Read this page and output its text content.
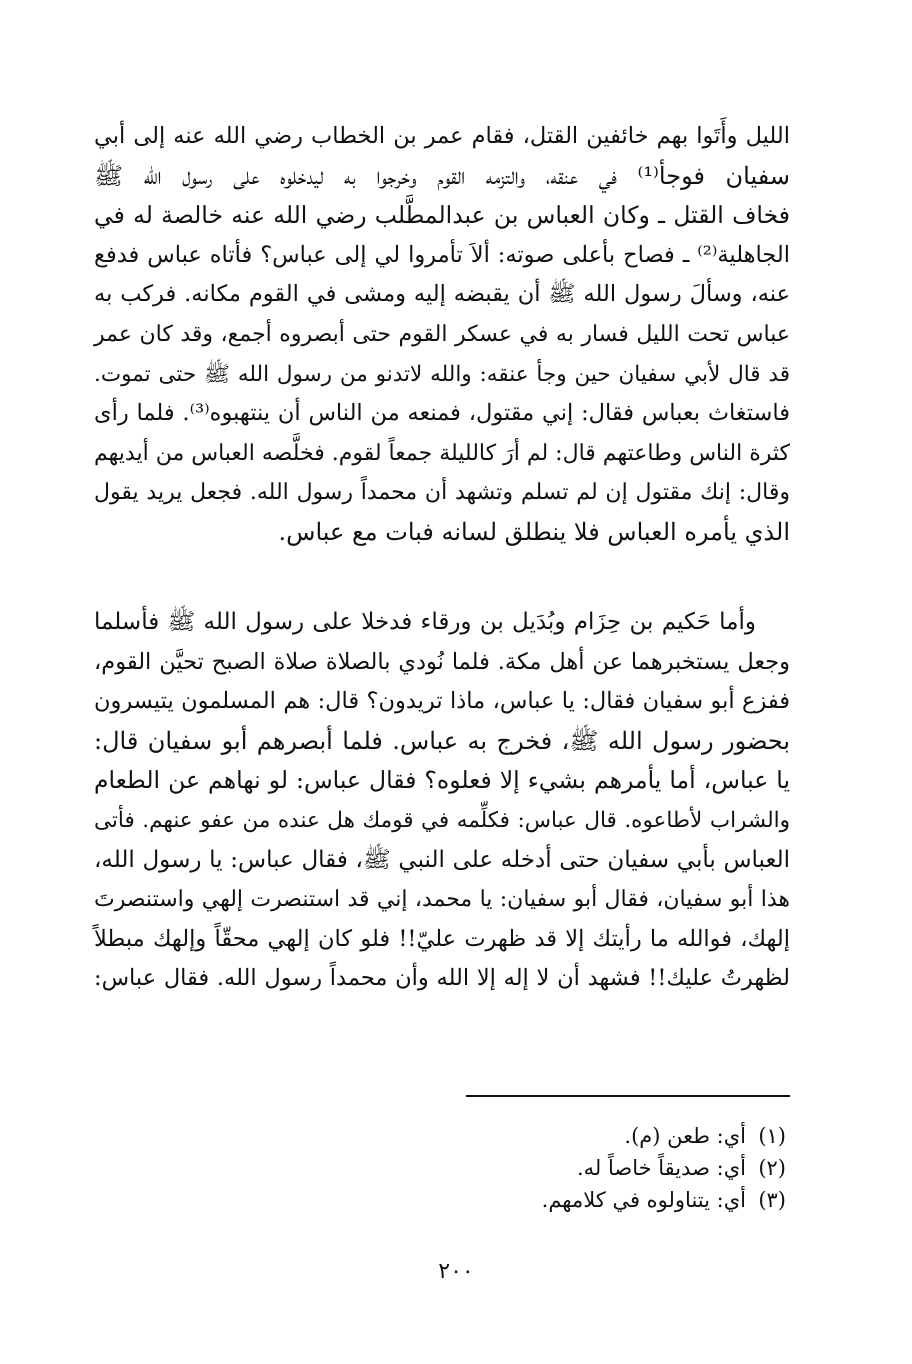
الليل وأَتَوا بهم خائفين القتل، فقام عمر بن الخطاب رضي الله عنه إلى أبي
سفيان فوجأ⁽¹⁾ في عنقه، والتزمه القوم وخرجوا به ليدخلوه على رسول الله ﷺ
فخاف القتل ـ وكان العباس بن عبدالمطَّلب رضي الله عنه خالصة له في
الجاهلية⁽²⁾ ـ فصاح بأعلى صوته: ألاَ تأمروا لي إلى عباس؟ فأتاه عباس فدفع
عنه، وسألَ رسول الله ﷺ أن يقبضه إليه ومشى في القوم مكانه. فركب به
عباس تحت الليل فسار به في عسكر القوم حتى أبصروه أجمع، وقد كان عمر
قد قال لأبي سفيان حين وجأ عنقه: والله لاتدنو من رسول الله ﷺ حتى تموت.
فاستغاث بعباس فقال: إني مقتول، فمنعه من الناس أن ينتهبوه⁽³⁾. فلما رأى
كثرة الناس وطاعتهم قال: لم أرَ كالليلة جمعاً لقوم. فخلَّصه العباس من أيديهم
وقال: إنك مقتول إن لم تسلم وتشهد أن محمداً رسول الله. فجعل يريد يقول
الذي يأمره العباس فلا ينطلق لسانه فبات مع عباس.
وأما حَكيم بن حِزَام وبُدَيل بن ورقاء فدخلا على رسول الله ﷺ فأسلما
وجعل يستخبرهما عن أهل مكة. فلما نُودي بالصلاة صلاة الصبح تحيَّن القوم،
ففزع أبو سفيان فقال: يا عباس، ماذا تريدون؟ قال: هم المسلمون يتيسرون
بحضور رسول الله ﷺ، فخرج به عباس. فلما أبصرهم أبو سفيان قال:
يا عباس، أما يأمرهم بشيء إلا فعلوه؟ فقال عباس: لو نهاهم عن الطعام
والشراب لأطاعوه. قال عباس: فكلِّمه في قومك هل عنده من عفو عنهم. فأتى
العباس بأبي سفيان حتى أدخله على النبي ﷺ، فقال عباس: يا رسول الله،
هذا أبو سفيان، فقال أبو سفيان: يا محمد، إني قد استنصرت إلهي واستنصرتَ
إلهك، فوالله ما رأيتك إلا قد ظهرت عليّ!! فلو كان إلهي محقّاً وإلهك مبطلاً
لظهرتُ عليك!! فشهد أن لا إله إلا الله وأن محمداً رسول الله. فقال عباس:
(١)
أي: طعن (م).
(٢)
أي: صديقاً خاصاً له.
(٣)
أي: يتناولوه في كلامهم.
٢٠٠
